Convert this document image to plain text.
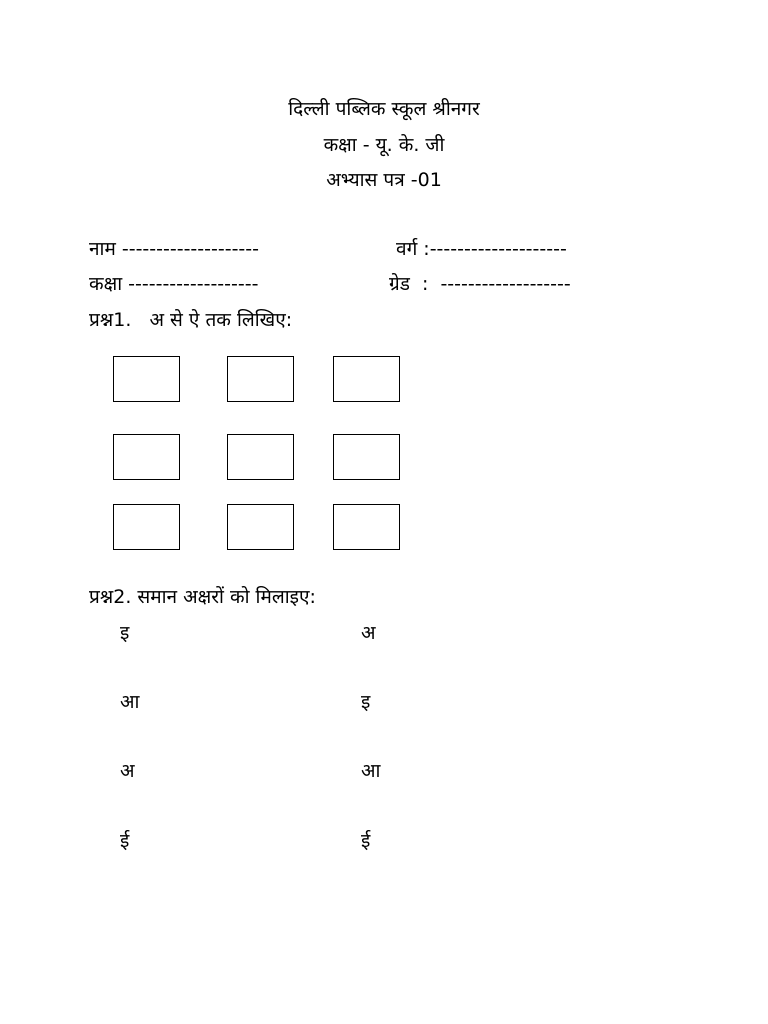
दिल्ली पब्लिक स्कूल श्रीनगर
कक्षा - यू. के. जी
अभ्यास पत्र -01
नाम --------------------	वर्ग :--------------------
कक्षा -------------------	ग्रेड  :  -------------------
प्रश्न1.   अ से ऐ तक लिखिए:
प्रश्न2. समान अक्षरों को मिलाइए:
इ	अ
आ	इ
अ	आ
ई	ई
